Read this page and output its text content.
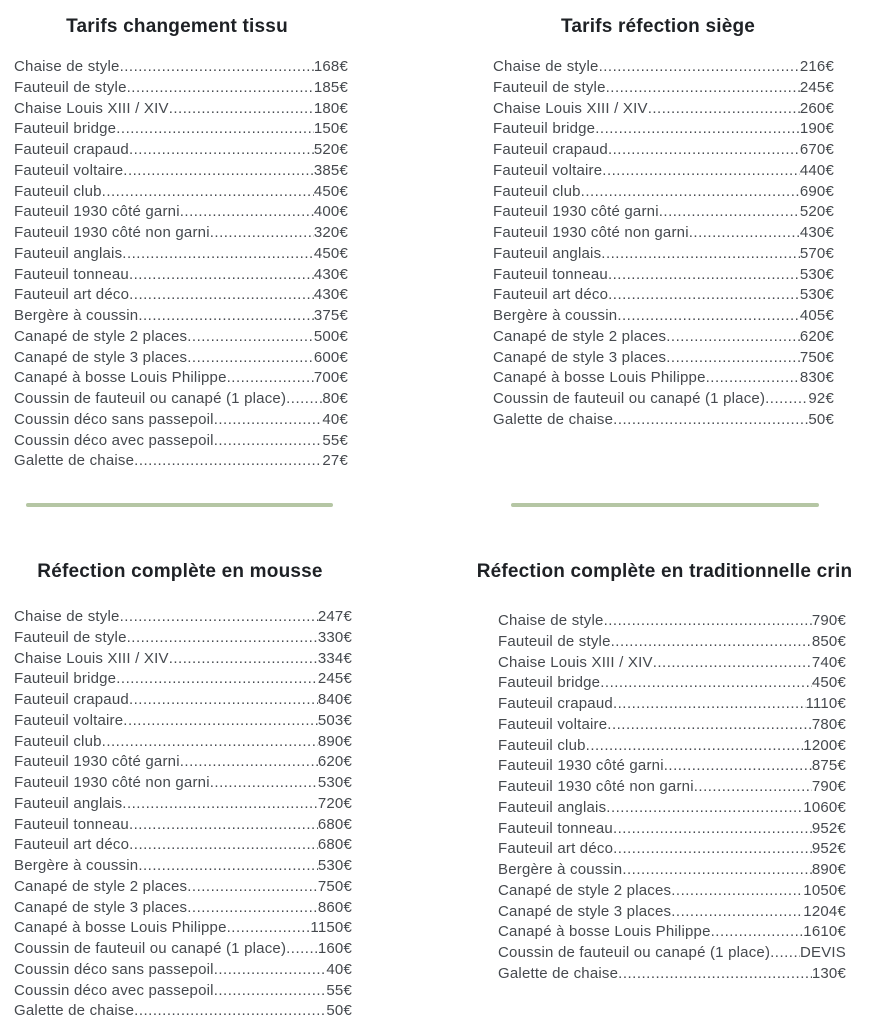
Tarifs changement tissu	Tarifs réfection siège
Chaise de style .....	168€
Fauteuil de style .....	185€
Chaise Louis XIII / XIV .....	180€
Fauteuil bridge .....	150€
Fauteuil crapaud .....	520€
Fauteuil voltaire .....	385€
Fauteuil club .....	450€
Fauteuil 1930 côté garni .....	400€
Fauteuil 1930 côté non garni .....	320€
Fauteuil anglais .....	450€
Fauteuil tonneau .....	430€
Fauteuil art déco .....	430€
Bergère à coussin .....	375€
Canapé de style 2 places .....	500€
Canapé de style 3 places .....	600€
Canapé à bosse Louis Philippe .....	700€
Coussin de fauteuil ou canapé (1 place) ..... 80€
Coussin déco sans passepoil .....	40€
Coussin déco avec passepoil .....	55€
Galette de chaise .....	27€
Chaise de style .....	216€
Fauteuil de style .....	245€
Chaise Louis XIII / XIV .....	260€
Fauteuil bridge .....	190€
Fauteuil crapaud .....	670€
Fauteuil voltaire .....	440€
Fauteuil club .....	690€
Fauteuil 1930 côté garni .....	520€
Fauteuil 1930 côté non garni .....	430€
Fauteuil anglais .....	570€
Fauteuil tonneau .....	530€
Fauteuil art déco .....	530€
Bergère à coussin .....	405€
Canapé de style 2 places .....	620€
Canapé de style 3 places .....	750€
Canapé à bosse Louis Philippe .....	830€
Coussin de fauteuil ou canapé (1 place) .....	92€
Galette de chaise .....	50€
Réfection complète en mousse	Réfection complète en traditionnelle crin
Chaise de style .....	247€
Fauteuil de style .....	330€
Chaise Louis XIII / XIV .....	334€
Fauteuil bridge .....	245€
Fauteuil crapaud .....	840€
Fauteuil voltaire .....	503€
Fauteuil club .....	890€
Fauteuil 1930 côté garni .....	620€
Fauteuil 1930 côté non garni .....	530€
Fauteuil anglais .....	720€
Fauteuil tonneau .....	680€
Fauteuil art déco .....	680€
Bergère à coussin .....	530€
Canapé de style 2 places .....	750€
Canapé de style 3 places .....	860€
Canapé à bosse Louis Philippe .....	1150€
Coussin de fauteuil ou canapé (1 place) ..... 160€
Coussin déco sans passepoil .....	40€
Coussin déco avec passepoil .....	55€
Galette de chaise .....	50€
Chaise de style .....	790€
Fauteuil de style .....	850€
Chaise Louis XIII / XIV .....	740€
Fauteuil bridge .....	450€
Fauteuil crapaud .....	1110€
Fauteuil voltaire .....	780€
Fauteuil club .....	1200€
Fauteuil 1930 côté garni .....	875€
Fauteuil 1930 côté non garni .....	790€
Fauteuil anglais .....	1060€
Fauteuil tonneau .....	952€
Fauteuil art déco .....	952€
Bergère à coussin .....	890€
Canapé de style 2 places .....	1050€
Canapé de style 3 places .....	1204€
Canapé à bosse Louis Philippe .....	1610€
Coussin de fauteuil ou canapé (1 place) ..... DEVIS
Galette de chaise .....	130€
